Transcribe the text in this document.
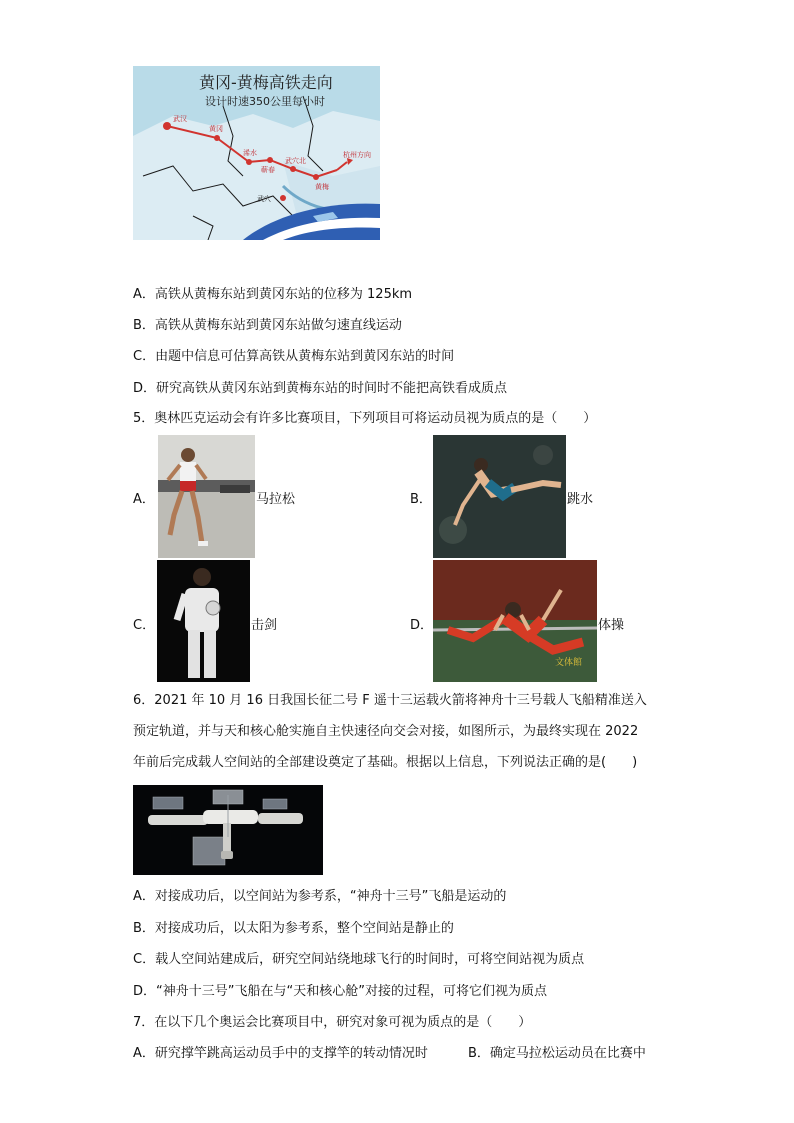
黄冈-黄梅高铁走向
设计时速350公里每小时
武汉
黄冈
浠水
蕲春
武穴北
黄梅
武穴
杭州方向
A．高铁从黄梅东站到黄冈东站的位移为 125km
B．高铁从黄梅东站到黄冈东站做匀速直线运动
C．由题中信息可估算高铁从黄梅东站到黄冈东站的时间
D．研究高铁从黄冈东站到黄梅东站的时间时不能把高铁看成质点
5．奥林匹克运动会有许多比赛项目，下列项目可将运动员视为质点的是（　　）
A．	马拉松	B．	跳水
C．	击剑	D．
文体館
体操
6．2021 年 10 月 16 日我国长征二号 F 遥十三运载火箭将神舟十三号载人飞船精准送入
预定轨道，并与天和核心舱实施自主快速径向交会对接，如图所示，为最终实现在 2022
年前后完成载人空间站的全部建设奠定了基础。根据以上信息，下列说法正确的是(　　)
A．对接成功后，以空间站为参考系，“神舟十三号”飞船是运动的
B．对接成功后，以太阳为参考系，整个空间站是静止的
C．载人空间站建成后，研究空间站绕地球飞行的时间时，可将空间站视为质点
D．“神舟十三号”飞船在与“天和核心舱”对接的过程，可将它们视为质点
7．在以下几个奥运会比赛项目中，研究对象可视为质点的是（　　）
A．研究撑竿跳高运动员手中的支撑竿的转动情况时	B．确定马拉松运动员在比赛中
